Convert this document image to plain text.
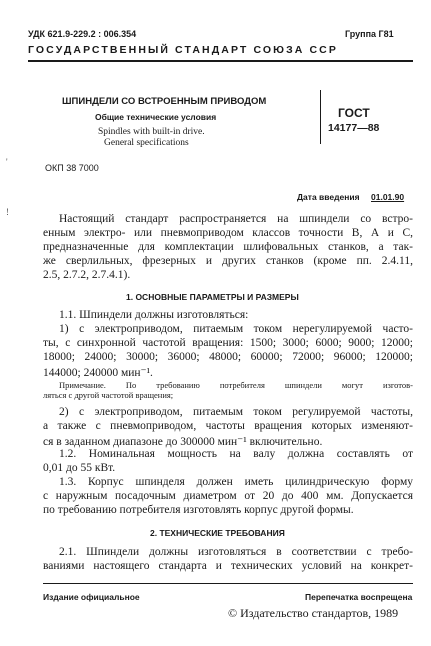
УДК 621.9-229.2 : 006.354	Группа Г81
ГОСУДАРСТВЕННЫЙ СТАНДАРТ СОЮЗА ССР
ШПИНДЕЛИ СО ВСТРОЕННЫМ ПРИВОДОМ
Общие технические условия
Spindles with built-in drive.
General specifications
ГОСТ
14177—88
ОКП 38 7000
'
!
Дата введения 01.01.90
Настоящий стандарт распространяется на шпиндели со встро-
енным электро- или пневмоприводом классов точности В, А и С,
предназначенные для комплектации шлифовальных станков, а так-
же сверлильных, фрезерных и других станков (кроме пп. 2.4.11,
2.5, 2.7.2, 2.7.4.1).
1. ОСНОВНЫЕ ПАРАМЕТРЫ И РАЗМЕРЫ
1.1. Шпиндели должны изготовляться:
1) с электроприводом, питаемым током нерегулируемой часто-
ты, с синхронной частотой вращения: 1500; 3000; 6000; 9000; 12000;
18000; 24000; 30000; 36000; 48000; 60000; 72000; 96000; 120000;
144000; 240000 мин⁻¹.
Примечание. По требованию потребителя шпиндели могут изготов-
ляться с другой частотой вращения;
2) с электроприводом, питаемым током регулируемой частоты,
а также с пневмоприводом, частоты вращения которых изменяют-
ся в заданном диапазоне до 300000 мин⁻¹ включительно.
1.2. Номинальная мощность на валу должна составлять от
0,01 до 55 кВт.
1.3. Корпус шпинделя должен иметь цилиндрическую форму
с наружным посадочным диаметром от 20 до 400 мм. Допускается
по требованию потребителя изготовлять корпус другой формы.
2. ТЕХНИЧЕСКИЕ ТРЕБОВАНИЯ
2.1. Шпиндели должны изготовляться в соответствии с требо-
ваниями настоящего стандарта и технических условий на конкрет-
Издание официальное	Перепечатка воспрещена
© Издательство стандартов, 1989
